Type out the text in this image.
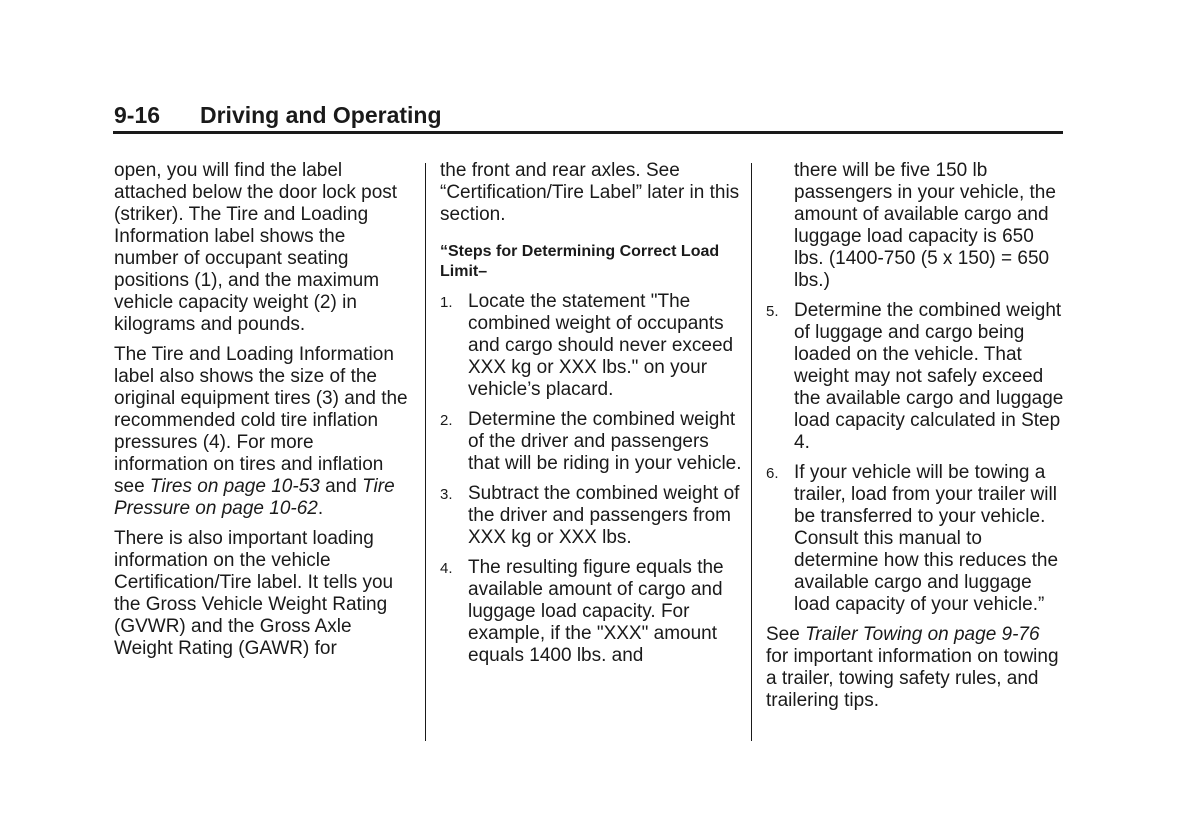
9-16 Driving and Operating

open, you will find the label attached below the door lock post (striker). The Tire and Loading Information label shows the number of occupant seating positions (1), and the maximum vehicle capacity weight (2) in kilograms and pounds.

The Tire and Loading Information label also shows the size of the original equipment tires (3) and the recommended cold tire inflation pressures (4). For more information on tires and inflation see Tires on page 10-53 and Tire Pressure on page 10-62.

There is also important loading information on the vehicle Certification/Tire label. It tells you the Gross Vehicle Weight Rating (GVWR) and the Gross Axle Weight Rating (GAWR) for

the front and rear axles. See “Certification/Tire Label” later in this section.

“Steps for Determining Correct Load Limit–

1. Locate the statement "The combined weight of occupants and cargo should never exceed XXX kg or XXX lbs." on your vehicle’s placard.
2. Determine the combined weight of the driver and passengers that will be riding in your vehicle.
3. Subtract the combined weight of the driver and passengers from XXX kg or XXX lbs.
4. The resulting figure equals the available amount of cargo and luggage load capacity. For example, if the "XXX" amount equals 1400 lbs. and

there will be five 150 lb passengers in your vehicle, the amount of available cargo and luggage load capacity is 650 lbs. (1400-750 (5 x 150) = 650 lbs.)

5. Determine the combined weight of luggage and cargo being loaded on the vehicle. That weight may not safely exceed the available cargo and luggage load capacity calculated in Step 4.
6. If your vehicle will be towing a trailer, load from your trailer will be transferred to your vehicle. Consult this manual to determine how this reduces the available cargo and luggage load capacity of your vehicle.”

See Trailer Towing on page 9-76 for important information on towing a trailer, towing safety rules, and trailering tips.
